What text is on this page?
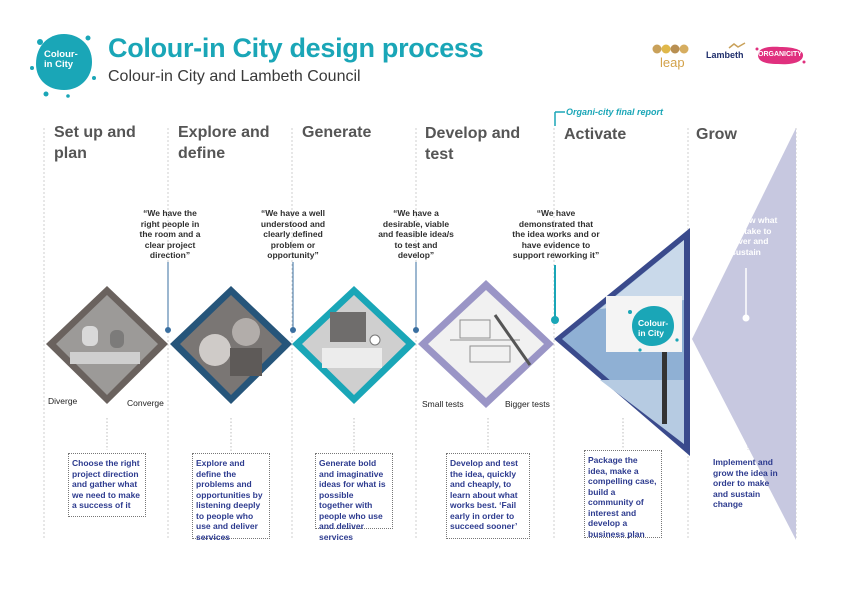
Colour-in City
Colour-in City design process
Colour-in City and Lambeth Council
leap Lambeth ORGANICITY
Colour-in City
Organi-city final report
Set up and plan
Explore and define
Generate	Develop and test
Activate	Grow
“We have the right people in the room and a clear project direction”
“We have a well understood and clearly defined problem or opportunity”
“We have a desirable, viable and feasible idea/s to test and develop”
“We have demonstrated that the idea works and or have evidence to support reworking it”
“We know what it will take to deliver and sustain
Diverge	Converge	Small tests	Bigger tests
Choose the right project direction and gather what we need to make a success of it
Explore and define the problems and opportunities by listening deeply to people who use and deliver services
Generate bold and imaginative ideas for what is possible together with people who use and deliver services
Develop and test the idea, quickly and cheaply, to learn about what works best. ‘Fail early in order to succeed sooner’
Package the idea, make a compelling case, build a community of interest and develop a business plan
Implement and grow the idea in order to make and sustain change
